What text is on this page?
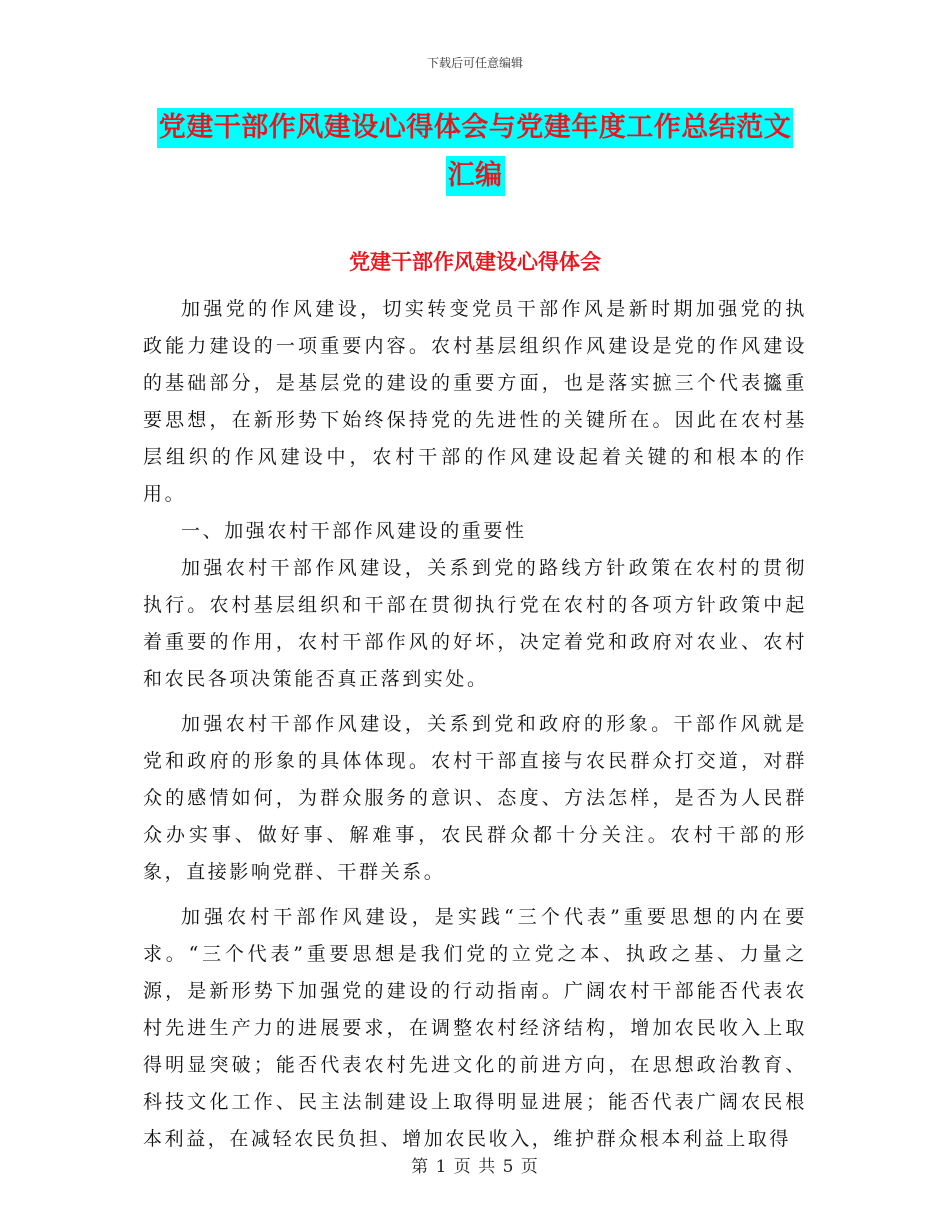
下载后可任意编辑
党建干部作风建设心得体会与党建年度工作总结范文
汇编
党建干部作风建设心得体会

加强党的作风建设，切实转变党员干部作风是新时期加强党的执政能力建设的一项重要内容。农村基层组织作风建设是党的作风建设的基础部分，是基层党的建设的重要方面，也是落实摭三个代表攨重要思想，在新形势下始终保持党的先进性的关键所在。因此在农村基层组织的作风建设中，农村干部的作风建设起着关键的和根本的作用。

一、加强农村干部作风建设的重要性

加强农村干部作风建设，关系到党的路线方针政策在农村的贯彻执行。农村基层组织和干部在贯彻执行党在农村的各项方针政策中起着重要的作用，农村干部作风的好坏，决定着党和政府对农业、农村和农民各项决策能否真正落到实处。

加强农村干部作风建设，关系到党和政府的形象。干部作风就是党和政府的形象的具体体现。农村干部直接与农民群众打交道，对群众的感情如何，为群众服务的意识、态度、方法怎样，是否为人民群众办实事、做好事、解难事，农民群众都十分关注。农村干部的形象，直接影响党群、干群关系。

加强农村干部作风建设，是实践“三个代表”重要思想的内在要求。“三个代表”重要思想是我们党的立党之本、执政之基、力量之源，是新形势下加强党的建设的行动指南。广阔农村干部能否代表农村先进生产力的进展要求，在调整农村经济结构，增加农民收入上取得明显突破；能否代表农村先进文化的前进方向，在思想政治教育、科技文化工作、民主法制建设上取得明显进展；能否代表广阔农民根本利益，在减轻农民负担、增加农民收入，维护群众根本利益上取得

第 1 页 共 5 页
